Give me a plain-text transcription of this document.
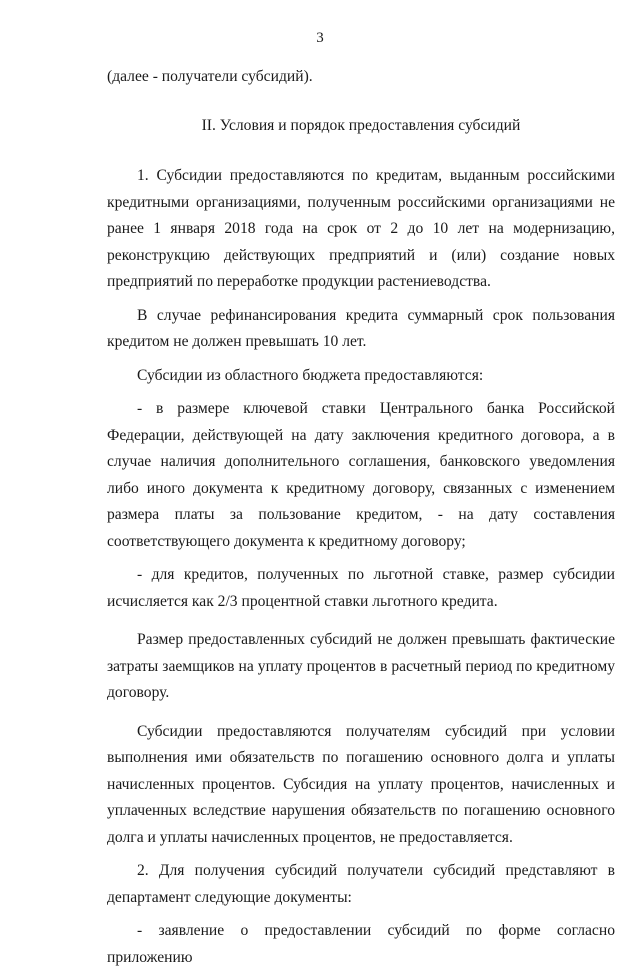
3

(далее - получатели субсидий).

II. Условия и порядок предоставления субсидий

1. Субсидии предоставляются по кредитам, выданным российскими кредитными организациями, полученным российскими организациями не ранее 1 января 2018 года на срок от 2 до 10 лет на модернизацию, реконструкцию действующих предприятий и (или) создание новых предприятий по переработке продукции растениеводства.

В случае рефинансирования кредита суммарный срок пользования кредитом не должен превышать 10 лет.

Субсидии из областного бюджета предоставляются:

- в размере ключевой ставки Центрального банка Российской Федерации, действующей на дату заключения кредитного договора, а в случае наличия дополнительного соглашения, банковского уведомления либо иного документа к кредитному договору, связанных с изменением размера платы за пользование кредитом, - на дату составления соответствующего документа к кредитному договору;

- для кредитов, полученных по льготной ставке, размер субсидии исчисляется как 2/3 процентной ставки льготного кредита.

Размер предоставленных субсидий не должен превышать фактические затраты заемщиков на уплату процентов в расчетный период по кредитному договору.

Субсидии предоставляются получателям субсидий при условии выполнения ими обязательств по погашению основного долга и уплаты начисленных процентов. Субсидия на уплату процентов, начисленных и уплаченных вследствие нарушения обязательств по погашению основного долга и уплаты начисленных процентов, не предоставляется.

2. Для получения субсидий получатели субсидий представляют в департамент следующие документы:

- заявление о предоставлении субсидий по форме согласно приложению
